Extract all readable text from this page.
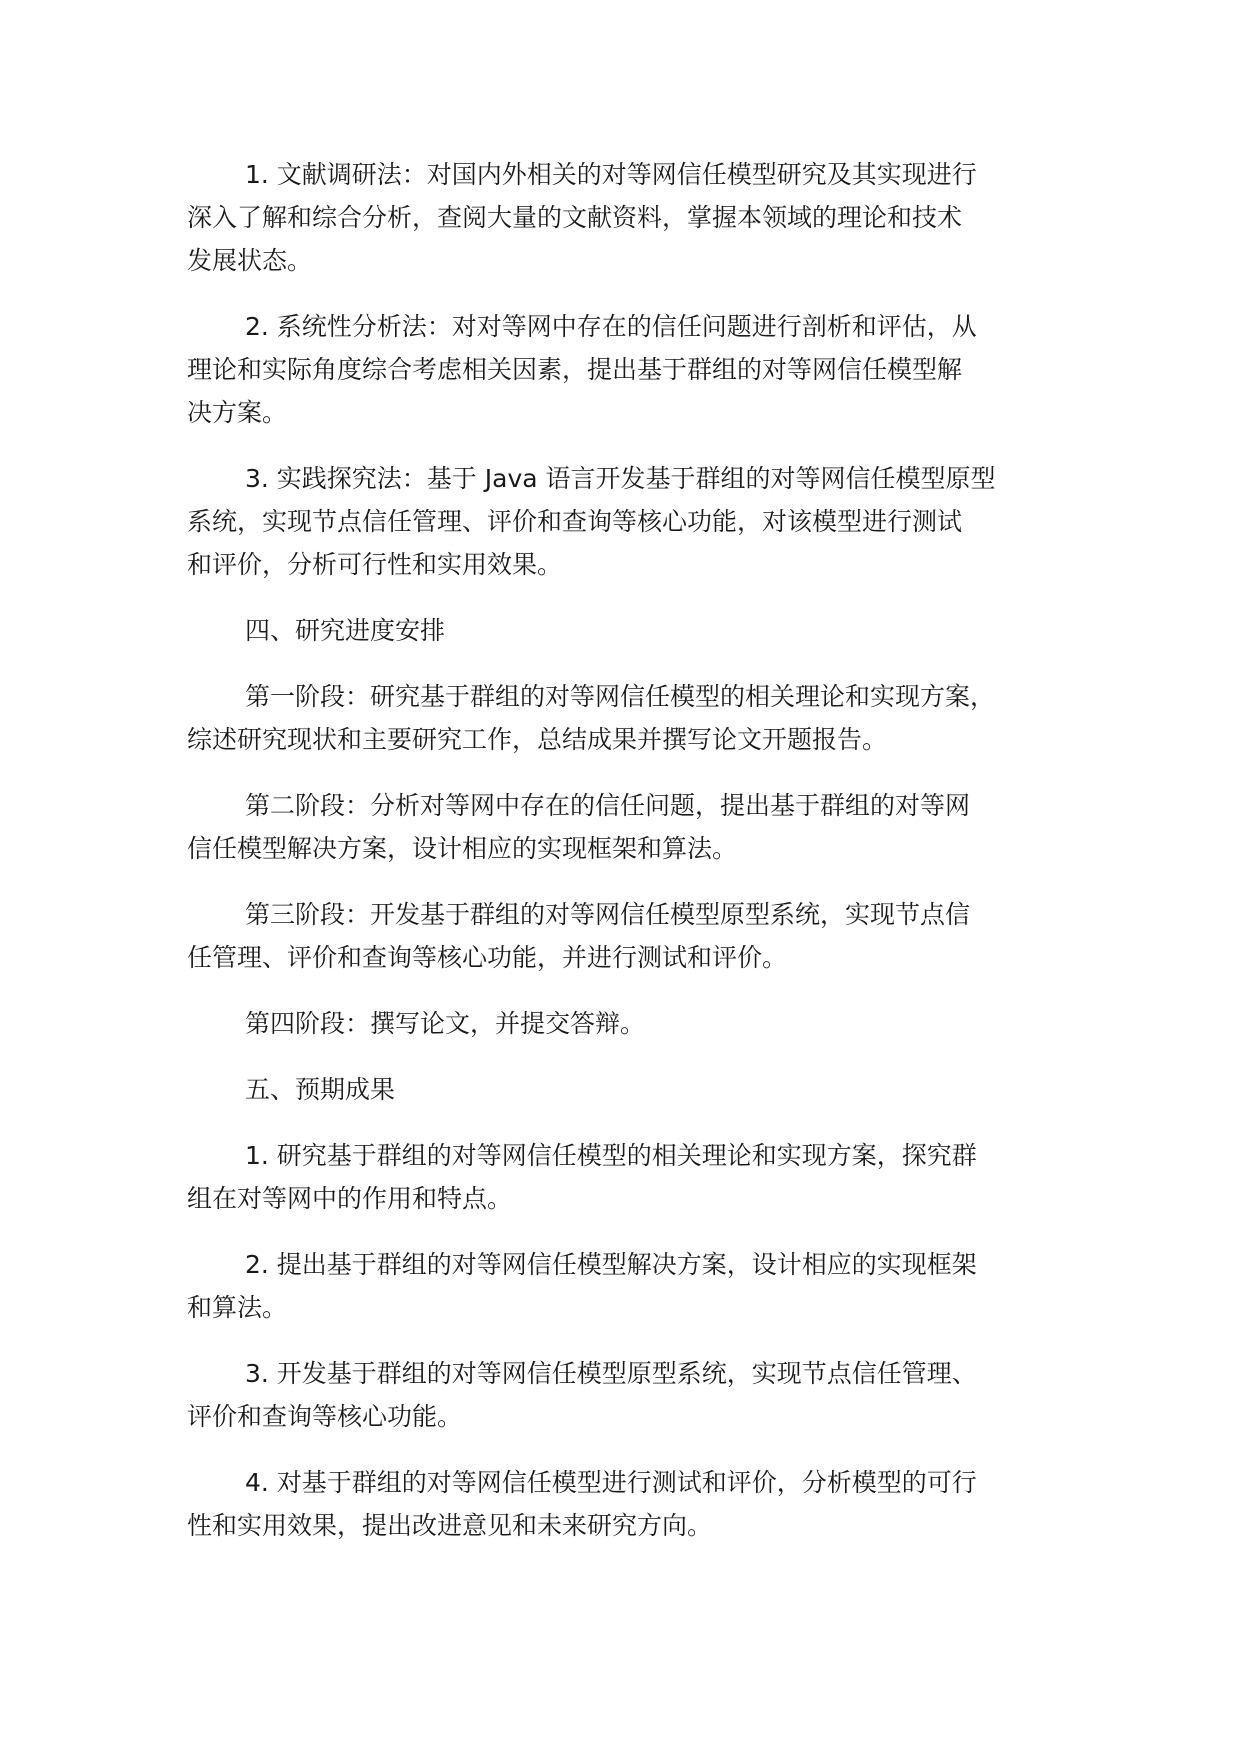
1. 文献调研法：对国内外相关的对等网信任模型研究及其实现进行
深入了解和综合分析，查阅大量的文献资料，掌握本领域的理论和技术
发展状态。

2. 系统性分析法：对对等网中存在的信任问题进行剖析和评估，从
理论和实际角度综合考虑相关因素，提出基于群组的对等网信任模型解
决方案。

3. 实践探究法：基于 Java 语言开发基于群组的对等网信任模型原型
系统，实现节点信任管理、评价和查询等核心功能，对该模型进行测试
和评价，分析可行性和实用效果。

四、研究进度安排

第一阶段：研究基于群组的对等网信任模型的相关理论和实现方案，
综述研究现状和主要研究工作，总结成果并撰写论文开题报告。

第二阶段：分析对等网中存在的信任问题，提出基于群组的对等网
信任模型解决方案，设计相应的实现框架和算法。

第三阶段：开发基于群组的对等网信任模型原型系统，实现节点信
任管理、评价和查询等核心功能，并进行测试和评价。

第四阶段：撰写论文，并提交答辩。

五、预期成果

1. 研究基于群组的对等网信任模型的相关理论和实现方案，探究群
组在对等网中的作用和特点。

2. 提出基于群组的对等网信任模型解决方案，设计相应的实现框架
和算法。

3. 开发基于群组的对等网信任模型原型系统，实现节点信任管理、
评价和查询等核心功能。

4. 对基于群组的对等网信任模型进行测试和评价，分析模型的可行
性和实用效果，提出改进意见和未来研究方向。
